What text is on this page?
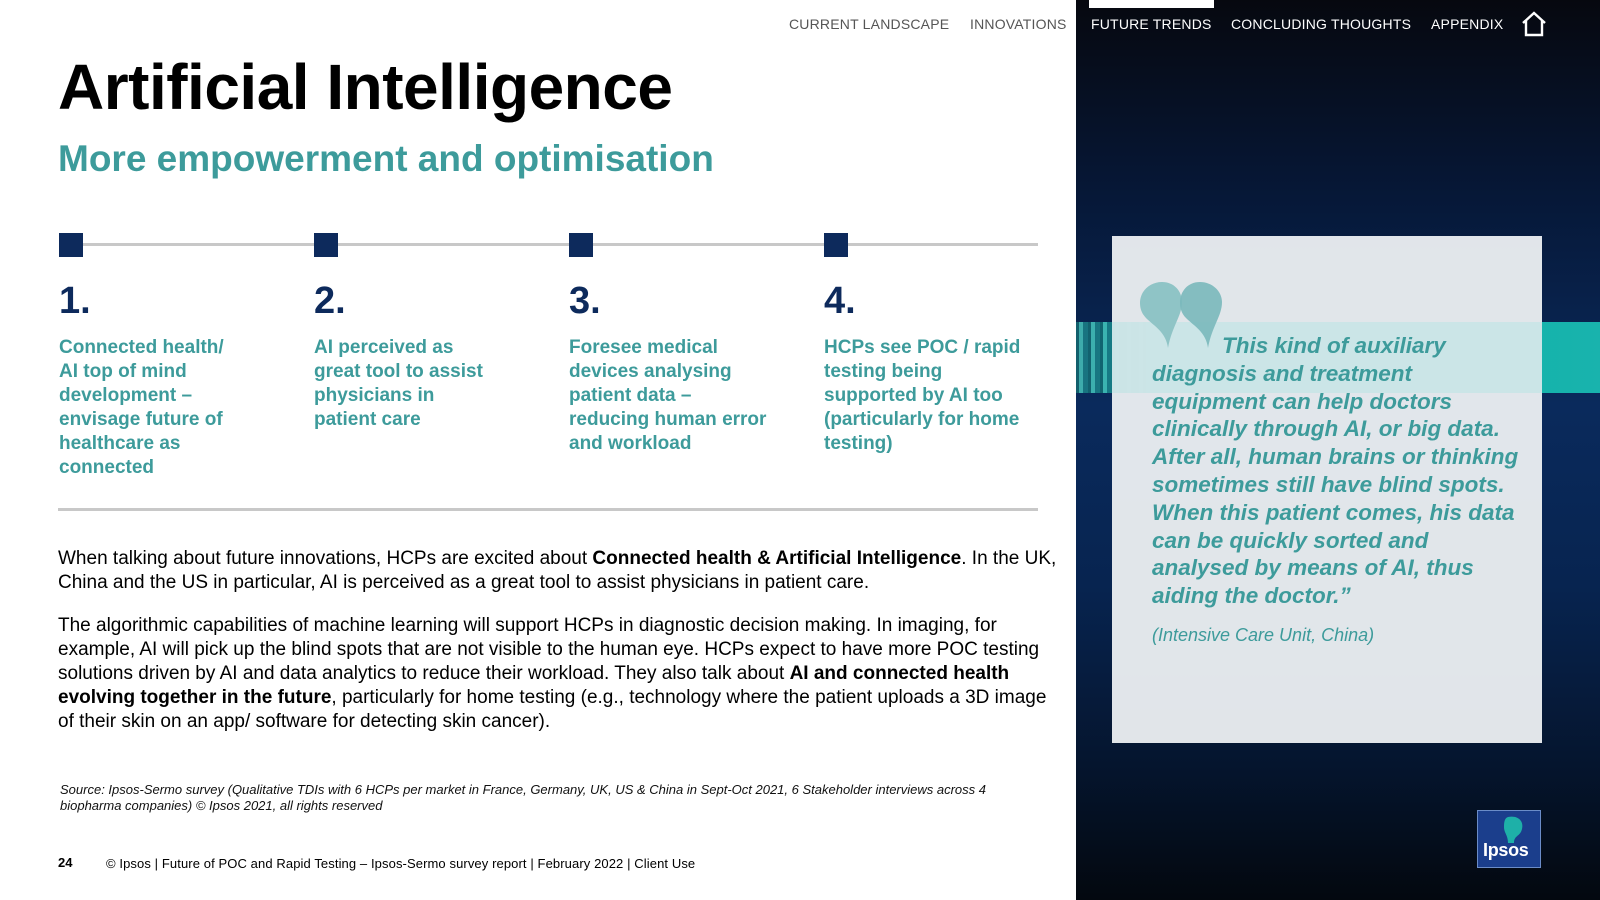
This kind of auxiliary diagnosis and treatment equipment can help doctors clinically through AI, or big data. After all, human brains or thinking sometimes still have blind spots. When this patient comes, his data can be quickly sorted and analysed by means of AI, thus aiding the doctor.”
(Intensive Care Unit, China)
Ipsos
CURRENT LANDSCAPE INNOVATIONS FUTURE TRENDS CONCLUDING THOUGHTS APPENDIX
Artificial Intelligence
More empowerment and optimisation
1.
Connected health/ AI top of mind development – envisage future of healthcare as connected
2.
AI perceived as great tool to assist physicians in patient care
3.
Foresee medical devices analysing patient data – reducing human error and workload
4.
HCPs see POC / rapid testing being supported by AI too (particularly for home testing)

When talking about future innovations, HCPs are excited about Connected health & Artificial Intelligence. In the UK, China and the US in particular, AI is perceived as a great tool to assist physicians in patient care.

The algorithmic capabilities of machine learning will support HCPs in diagnostic decision making. In imaging, for example, AI will pick up the blind spots that are not visible to the human eye. HCPs expect to have more POC testing solutions driven by AI and data analytics to reduce their workload. They also talk about AI and connected health evolving together in the future, particularly for home testing (e.g., technology where the patient uploads a 3D image of their skin on an app/ software for detecting skin cancer).

Source: Ipsos-Sermo survey (Qualitative TDIs with 6 HCPs per market in France, Germany, UK, US & China in Sept-Oct 2021, 6 Stakeholder interviews across 4 biopharma companies) © Ipsos 2021, all rights reserved

24	© Ipsos | Future of POC and Rapid Testing – Ipsos-Sermo survey report | February 2022 | Client Use
